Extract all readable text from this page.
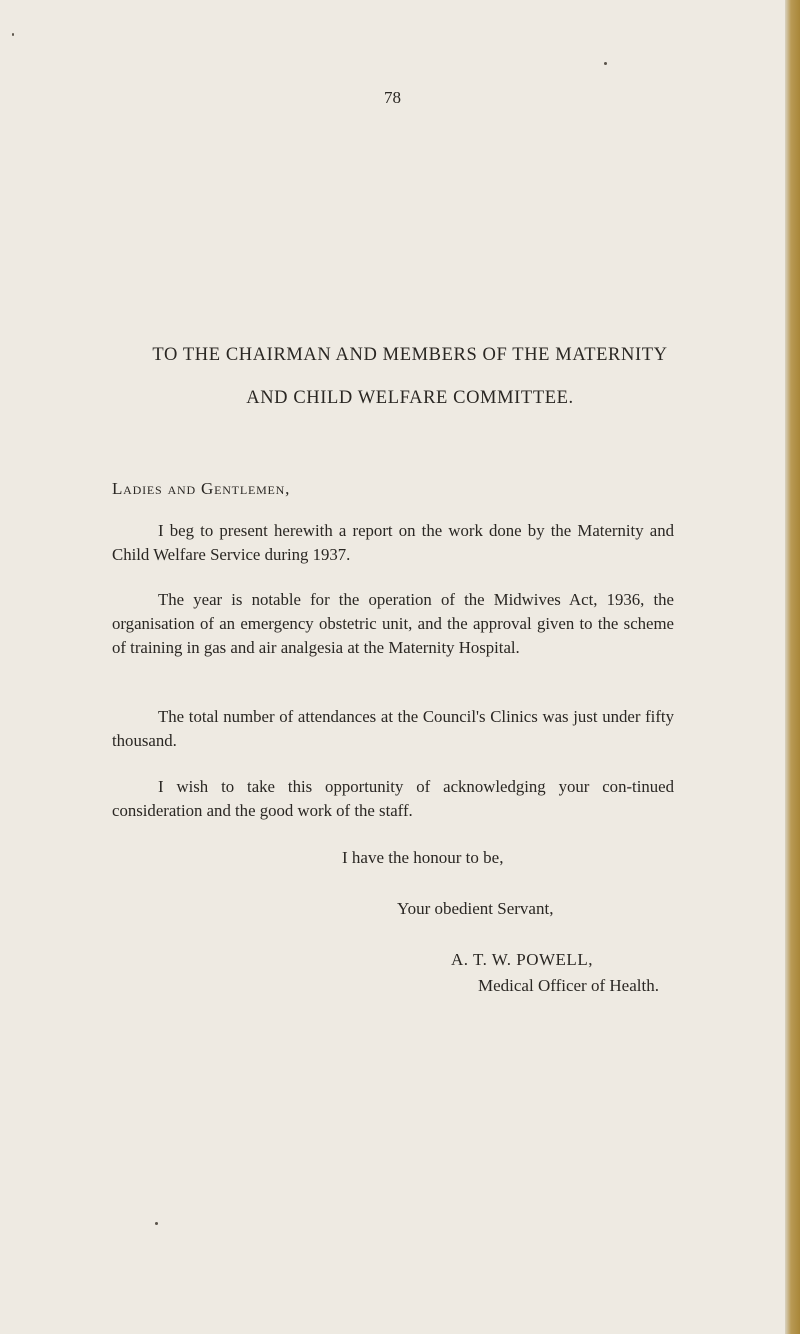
78
TO THE CHAIRMAN AND MEMBERS OF THE MATERNITY
AND CHILD WELFARE COMMITTEE.
Ladies and Gentlemen,

I beg to present herewith a report on the work done by the Maternity and Child Welfare Service during 1937.

The year is notable for the operation of the Midwives Act, 1936, the organisation of an emergency obstetric unit, and the approval given to the scheme of training in gas and air analgesia at the Maternity Hospital.

The total number of attendances at the Council's Clinics was just under fifty thousand.

I wish to take this opportunity of acknowledging your con-tinued consideration and the good work of the staff.

I have the honour to be,
Your obedient Servant,
A. T. W. POWELL,
Medical Officer of Health.
